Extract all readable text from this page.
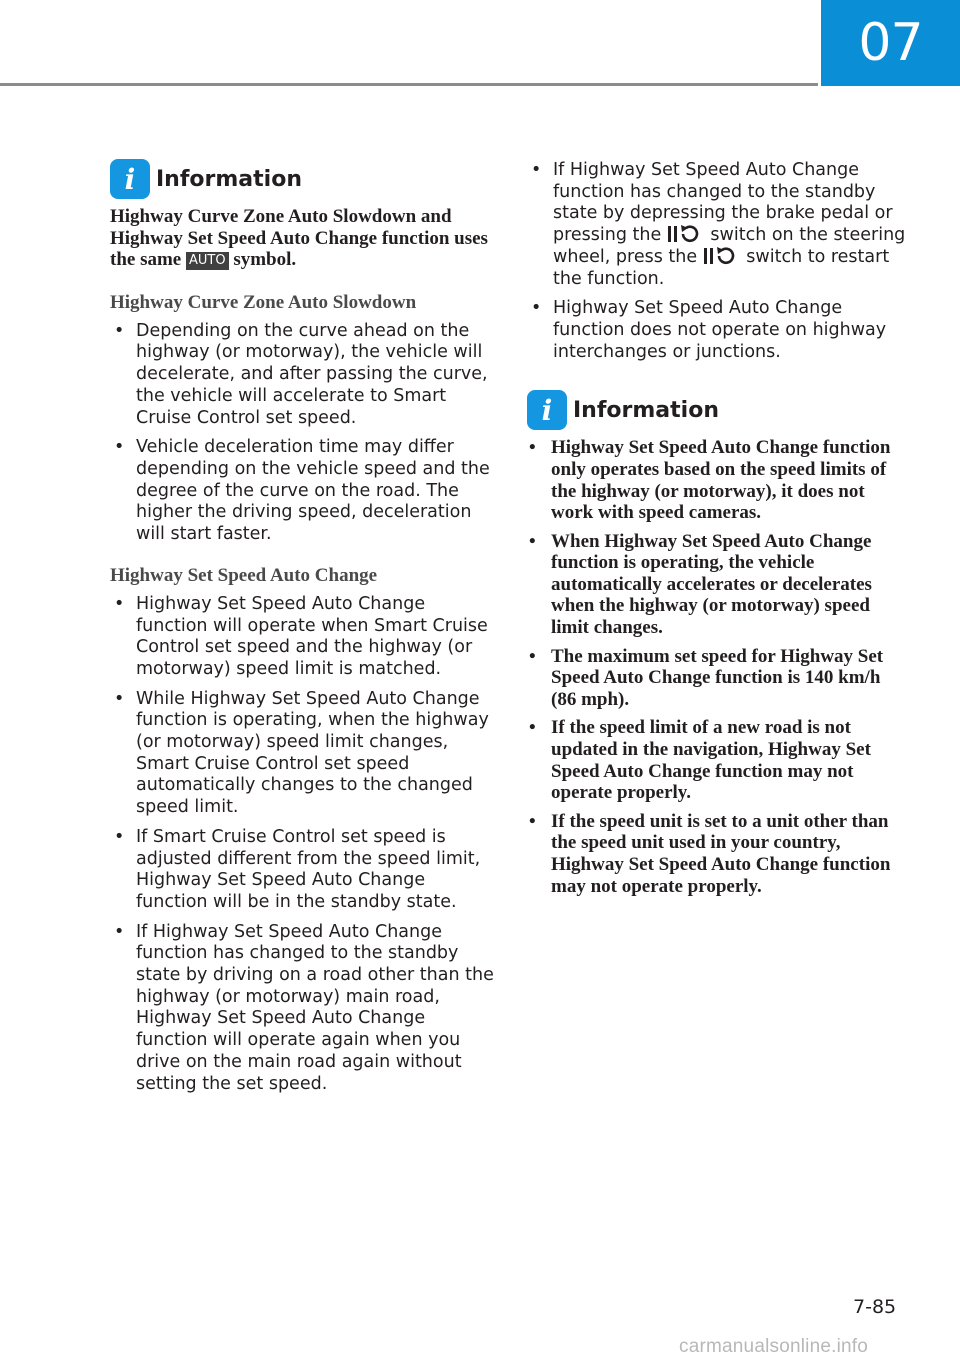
07
i Information
Highway Curve Zone Auto Slowdown and Highway Set Speed Auto Change function uses the same AUTO symbol.
Highway Curve Zone Auto Slowdown
• Depending on the curve ahead on the highway (or motorway), the vehicle will decelerate, and after passing the curve, the vehicle will accelerate to Smart Cruise Control set speed.
• Vehicle deceleration time may differ depending on the vehicle speed and the degree of the curve on the road. The higher the driving speed, deceleration will start faster.
Highway Set Speed Auto Change
• Highway Set Speed Auto Change function will operate when Smart Cruise Control set speed and the highway (or motorway) speed limit is matched.
• While Highway Set Speed Auto Change function is operating, when the highway (or motorway) speed limit changes, Smart Cruise Control set speed automatically changes to the changed speed limit.
• If Smart Cruise Control set speed is adjusted different from the speed limit, Highway Set Speed Auto Change function will be in the standby state.
• If Highway Set Speed Auto Change function has changed to the standby state by driving on a road other than the highway (or motorway) main road, Highway Set Speed Auto Change function will operate again when you drive on the main road again without setting the set speed.
• If Highway Set Speed Auto Change function has changed to the standby state by depressing the brake pedal or pressing the	switch on the steering wheel, press the	switch to restart the function.
• Highway Set Speed Auto Change function does not operate on highway interchanges or junctions.
i Information
• Highway Set Speed Auto Change function only operates based on the speed limits of the highway (or motorway), it does not work with speed cameras.
• When Highway Set Speed Auto Change function is operating, the vehicle automatically accelerates or decelerates when the highway (or motorway) speed limit changes.
• The maximum set speed for Highway Set Speed Auto Change function is 140 km/h (86 mph).
• If the speed limit of a new road is not updated in the navigation, Highway Set Speed Auto Change function may not operate properly.
• If the speed unit is set to a unit other than the speed unit used in your country, Highway Set Speed Auto Change function may not operate properly.
7-85
carmanualsonline.info
